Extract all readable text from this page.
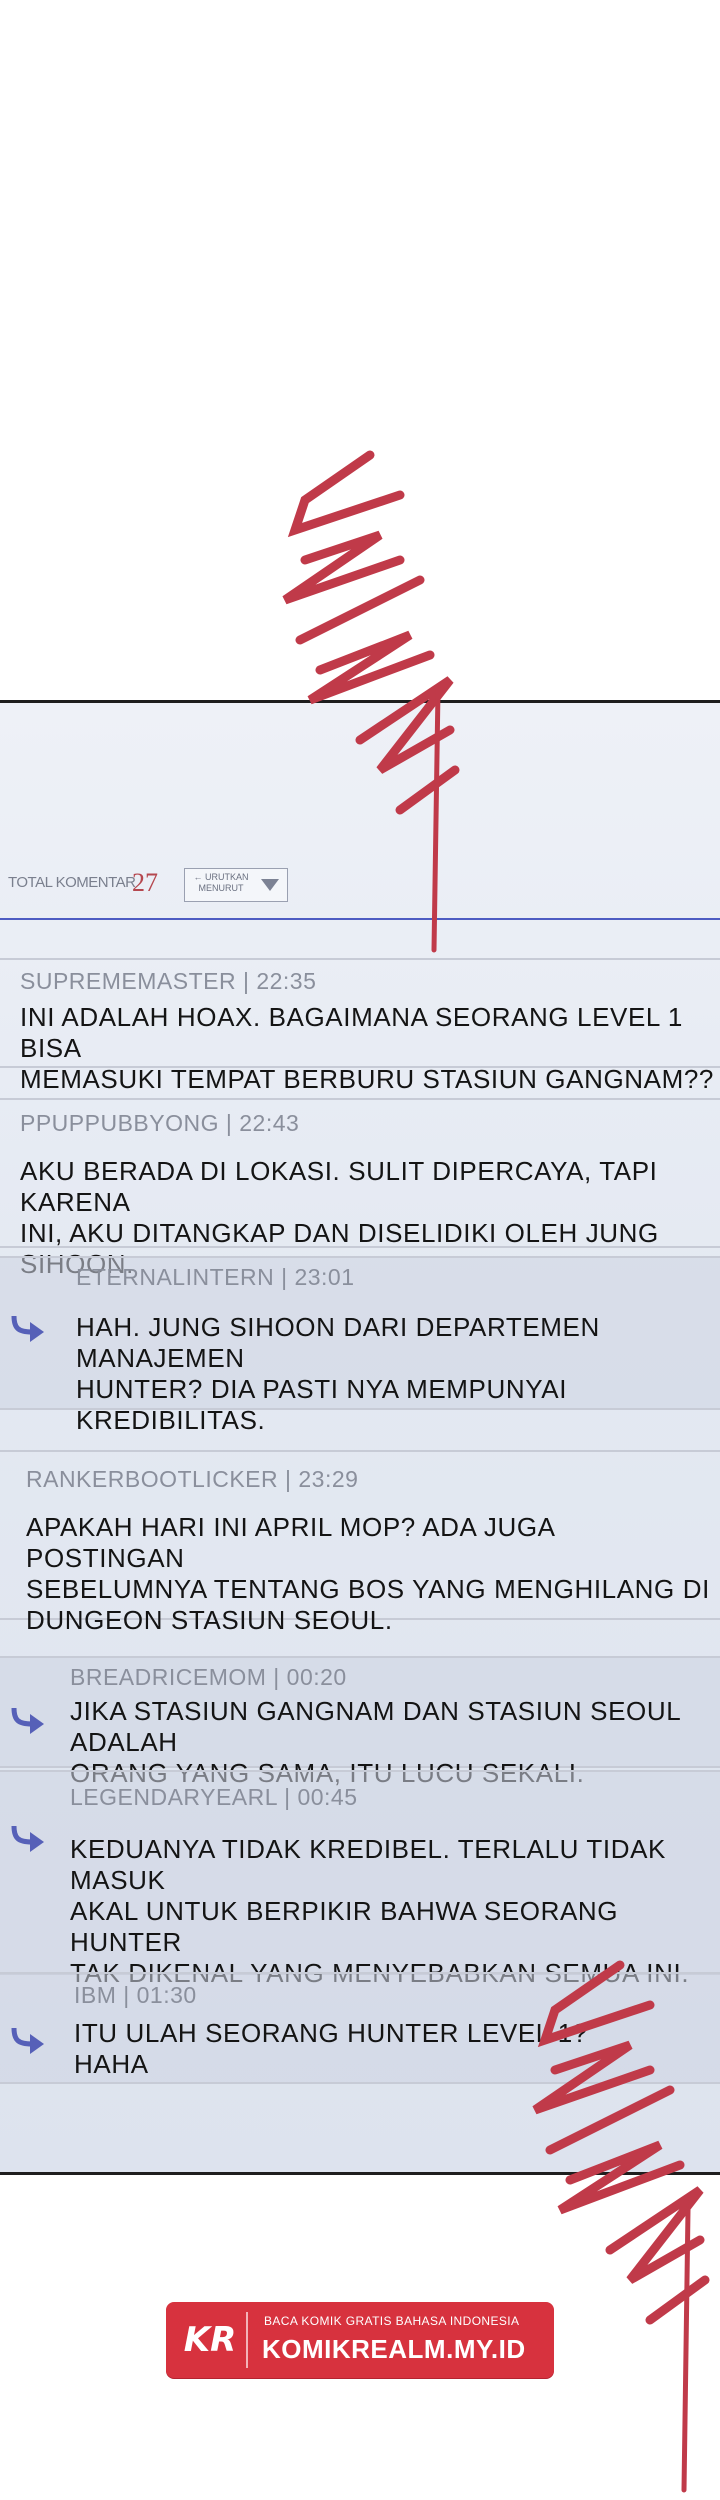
TOTAL KOMENTAR
27	← URUTKAN
MENURUT
SUPREMEMASTER | 22:35
INI ADALAH HOAX. BAGAIMANA SEORANG LEVEL 1 BISA
MEMASUKI TEMPAT BERBURU STASIUN GANGNAM??
PPUPPUBBYONG | 22:43
AKU BERADA DI LOKASI. SULIT DIPERCAYA, TAPI KARENA
INI, AKU DITANGKAP DAN DISELIDIKI OLEH JUNG
ETERNALINTERN | 23:01
HAH. JUNG SIHOON DARI DEPARTEMEN MANAJEMEN
HUNTER? DIA PASTI NYA MEMPUNYAI KREDIBILITAS.
RANKERBOOTLICKER | 23:29
APAKAH HARI INI APRIL MOP? ADA JUGA POSTINGAN
SEBELUMNYA TENTANG BOS YANG MENGHILANG DI
DUNGEON STASIUN SEOUL.
BREADRICEMOM | 00:20
JIKA STASIUN GANGNAM DAN STASIUN SEOUL ADALAH
LEGENDARYEARL | 00:45
KEDUANYA TIDAK KREDIBEL. TERLALU TIDAK MASUK
AKAL UNTUK BERPIKIR BAHWA SEORANG HUNTER
IBM | 01:30
ITU ULAH SEORANG HUNTER LEVEL 1?
HAHA
KR	BACA KOMIK GRATIS BAHASA INDONESIA
KOMIKREALM.MY.ID
